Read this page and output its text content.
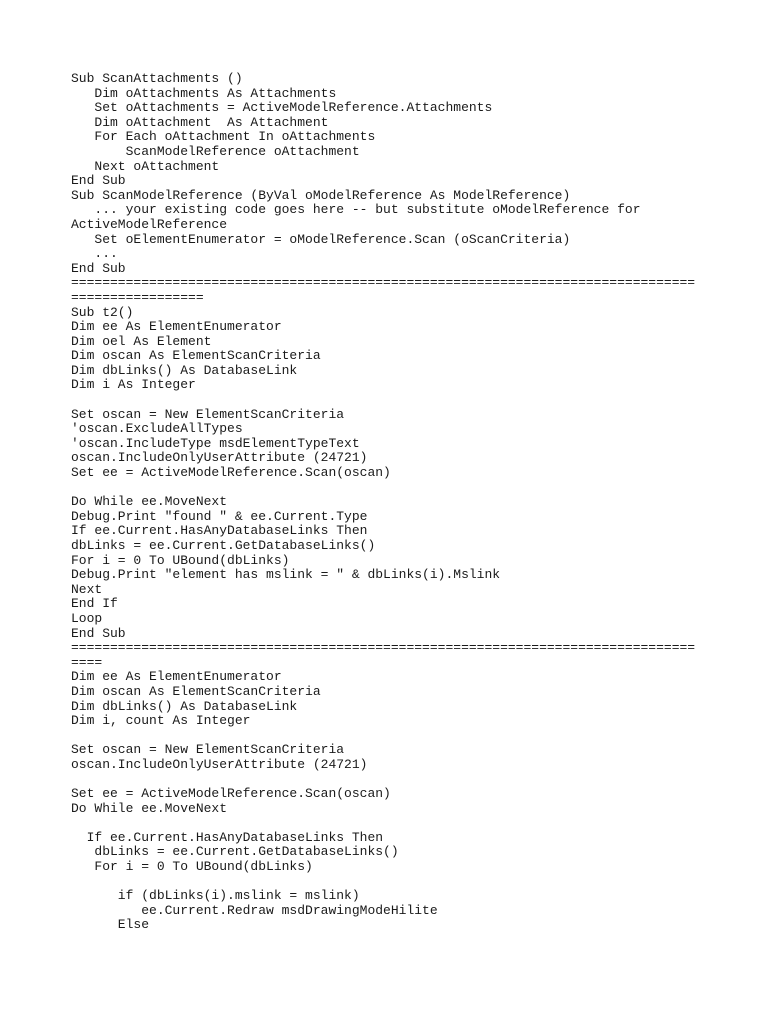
Sub ScanAttachments ()
Dim oAttachments As Attachments
Set oAttachments = ActiveModelReference.Attachments
Dim oAttachment  As Attachment
For Each oAttachment In oAttachments
ScanModelReference oAttachment
Next oAttachment
End Sub
Sub ScanModelReference (ByVal oModelReference As ModelReference)
... your existing code goes here -- but substitute oModelReference for
ActiveModelReference
Set oElementEnumerator = oModelReference.Scan (oScanCriteria)
...
End Sub
================================================================================
=================
Sub t2()
Dim ee As ElementEnumerator
Dim oel As Element
Dim oscan As ElementScanCriteria
Dim dbLinks() As DatabaseLink
Dim i As Integer
Set oscan = New ElementScanCriteria
'oscan.ExcludeAllTypes
'oscan.IncludeType msdElementTypeText
oscan.IncludeOnlyUserAttribute (24721)
Set ee = ActiveModelReference.Scan(oscan)
Do While ee.MoveNext
Debug.Print "found " & ee.Current.Type
If ee.Current.HasAnyDatabaseLinks Then
dbLinks = ee.Current.GetDatabaseLinks()
For i = 0 To UBound(dbLinks)
Debug.Print "element has mslink = " & dbLinks(i).Mslink
Next
End If
Loop
End Sub
================================================================================
====
Dim ee As ElementEnumerator
Dim oscan As ElementScanCriteria
Dim dbLinks() As DatabaseLink
Dim i, count As Integer
Set oscan = New ElementScanCriteria
oscan.IncludeOnlyUserAttribute (24721)
Set ee = ActiveModelReference.Scan(oscan)
Do While ee.MoveNext
If ee.Current.HasAnyDatabaseLinks Then
dbLinks = ee.Current.GetDatabaseLinks()
For i = 0 To UBound(dbLinks)
if (dbLinks(i).mslink = mslink)
ee.Current.Redraw msdDrawingModeHilite
Else
